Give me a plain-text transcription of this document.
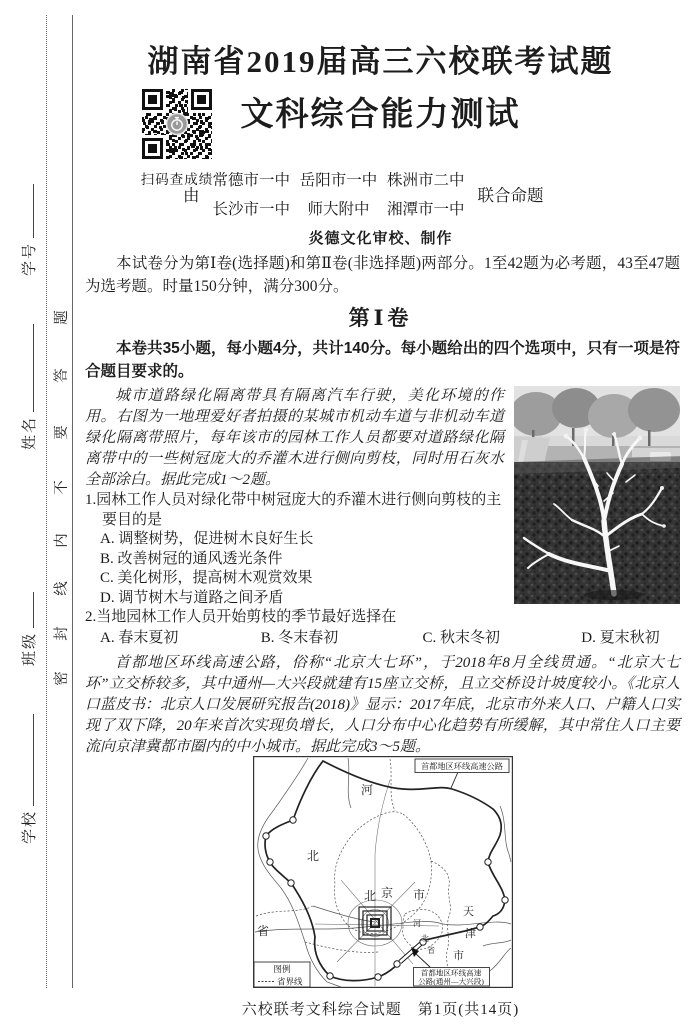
题
答
要
不
内
线
封
密
学号
姓名
班级
学校
湖南省2019届高三六校联考试题
扫码查成绩
文科综合能力测试
由
常德市一中 岳阳市一中 株洲市二中
长沙市一中 师大附中 湘潭市一中
联合命题
炎德文化审校、制作
本试卷分为第Ⅰ卷(选择题)和第Ⅱ卷(非选择题)两部分。1至42题为必考题，43至47题为选考题。时量150分钟，满分300分。
第Ⅰ卷
本卷共35小题，每小题4分，共计140分。每小题给出的四个选项中，只有一项是符合题目要求的。

城市道路绿化隔离带具有隔离汽车行驶，美化环境的作用。右图为一地理爱好者拍摄的某城市机动车道与非机动车道绿化隔离带照片，每年该市的园林工作人员都要对道路绿化隔离带中的一些树冠庞大的乔灌木进行侧向剪枝，同时用石灰水全部涂白。据此完成1～2题。

1.园林工作人员对绿化带中树冠庞大的乔灌木进行侧向剪枝的主要目的是
A. 调整树势，促进树木良好生长
B. 改善树冠的通风透光条件
C. 美化树形，提高树木观赏效果
D. 调节树木与道路之间矛盾
2.当地园林工作人员开始剪枝的季节最好选择在
A. 春末夏初	B. 冬末春初	C. 秋末冬初	D. 夏末秋初

首都地区环线高速公路，俗称“北京大七环”，于2018年8月全线贯通。“北京大七环”立交桥较多，其中通州—大兴段就建有15座立交桥，且立交桥设计坡度较小。《北京人口蓝皮书：北京人口发展研究报告(2018)》显示：2017年底，北京市外来人口、户籍人口实现了双下降，20年来首次实现负增长，人口分布中心化趋势有所缓解，其中常住人口主要流向京津冀都市圈内的中小城市。据此完成3～5题。

河
北
省
北 京 市
天
津
市
河
北
省
首都地区环线高速公路
首都地区环线高速
公路(通州—大兴段)
图例
省界线
六校联考文科综合试题　第1页(共14页)
